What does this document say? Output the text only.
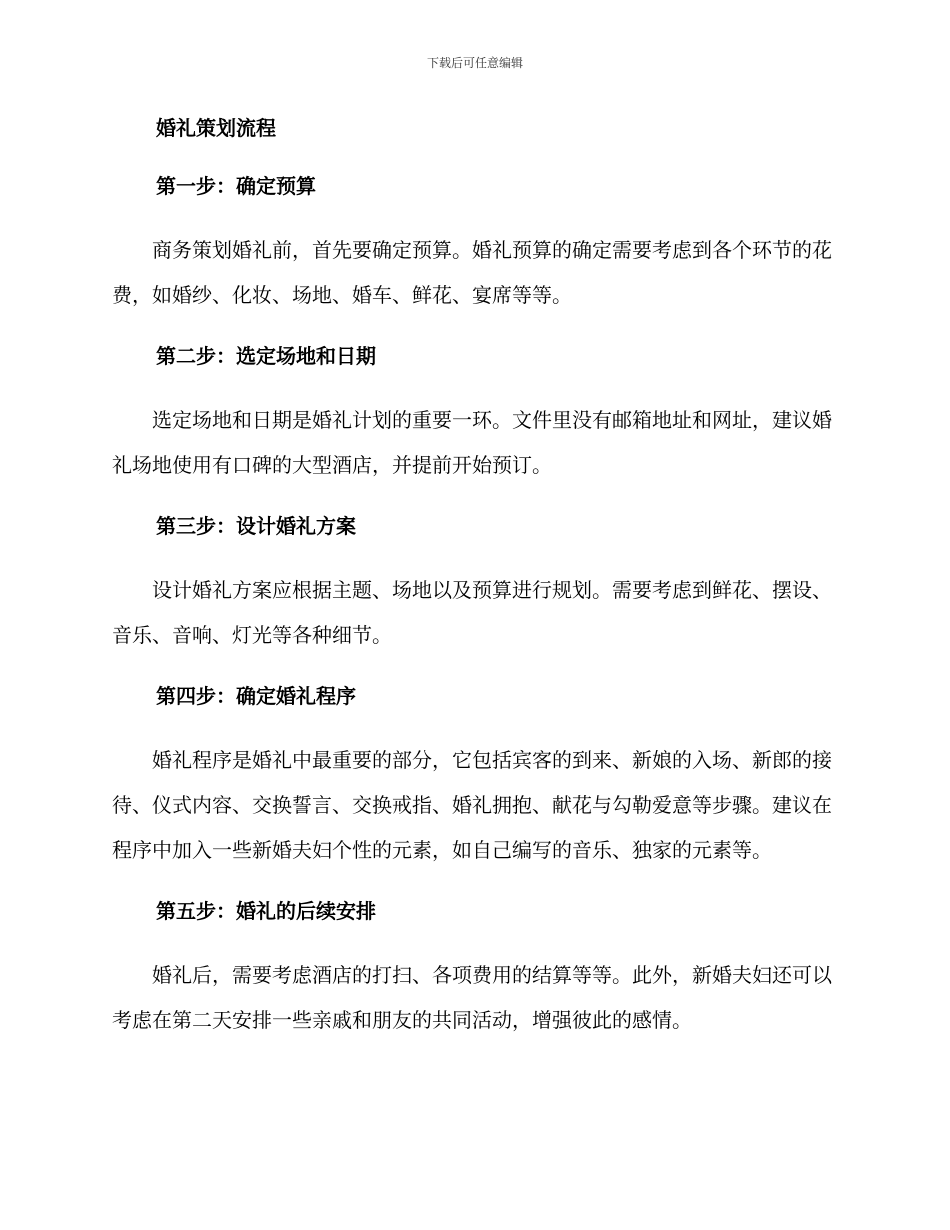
下载后可任意编辑
婚礼策划流程
第一步：确定预算

商务策划婚礼前，首先要确定预算。婚礼预算的确定需要考虑到各个环节的花费，如婚纱、化妆、场地、婚车、鲜花、宴席等等。

第二步：选定场地和日期

选定场地和日期是婚礼计划的重要一环。文件里没有邮箱地址和网址，建议婚礼场地使用有口碑的大型酒店，并提前开始预订。

第三步：设计婚礼方案

设计婚礼方案应根据主题、场地以及预算进行规划。需要考虑到鲜花、摆设、音乐、音响、灯光等各种细节。

第四步：确定婚礼程序

婚礼程序是婚礼中最重要的部分，它包括宾客的到来、新娘的入场、新郎的接待、仪式内容、交换誓言、交换戒指、婚礼拥抱、献花与勾勒爱意等步骤。建议在程序中加入一些新婚夫妇个性的元素，如自己编写的音乐、独家的元素等。

第五步：婚礼的后续安排

婚礼后，需要考虑酒店的打扫、各项费用的结算等等。此外，新婚夫妇还可以考虑在第二天安排一些亲戚和朋友的共同活动，增强彼此的感情。
